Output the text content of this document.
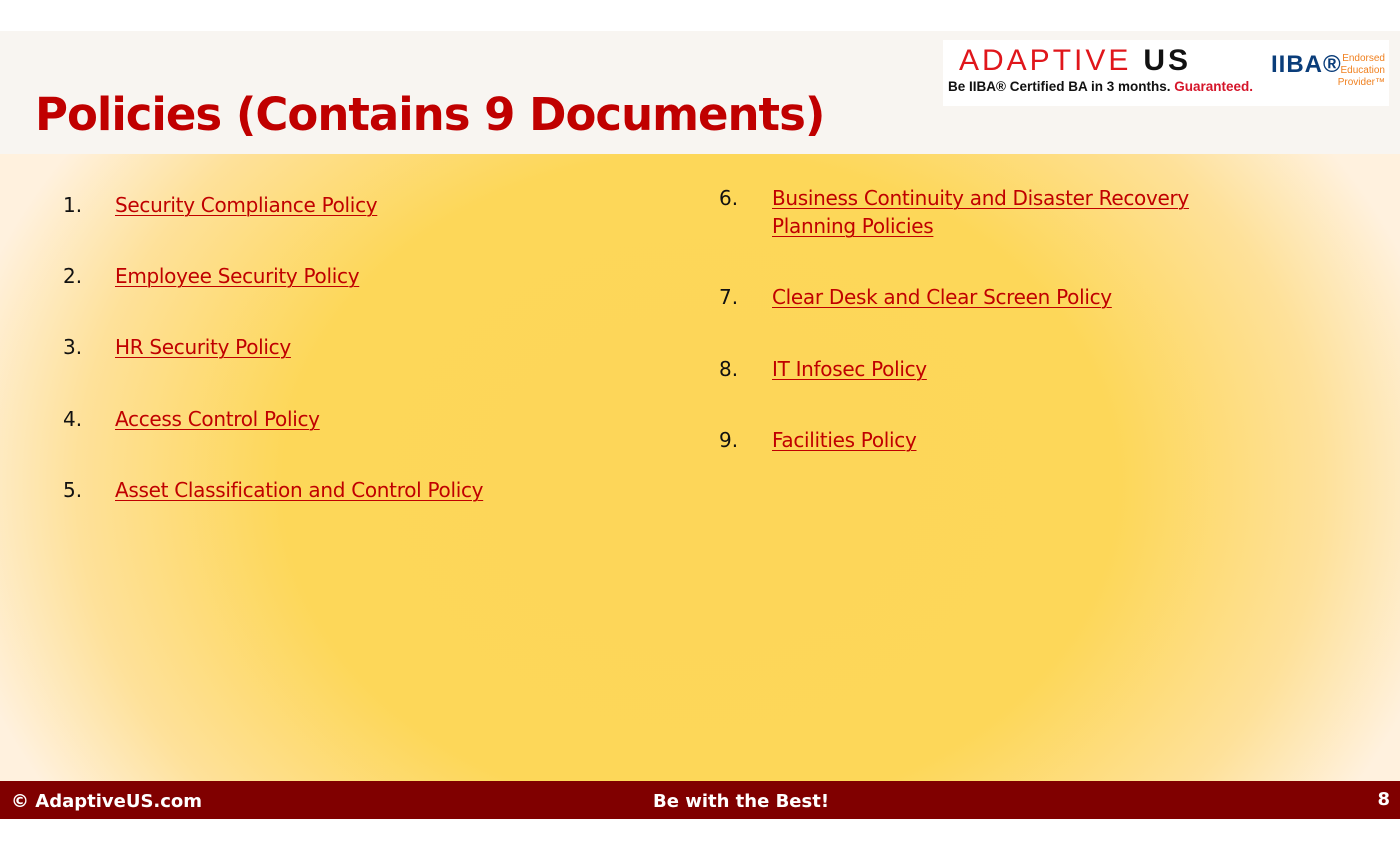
Policies (Contains 9 Documents)
ADAPTIVE US
Be IIBA® Certified BA in 3 months. Guaranteed.
IIBA® Endorsed
Education
Provider™
1. Security Compliance Policy
2. Employee Security Policy
3. HR Security Policy
4. Access Control Policy
5. Asset Classification and Control Policy
6. Business Continuity and Disaster Recovery Planning Policies
7. Clear Desk and Clear Screen Policy
8. IT Infosec Policy
9. Facilities Policy
© AdaptiveUS.com	Be with the Best!	8
